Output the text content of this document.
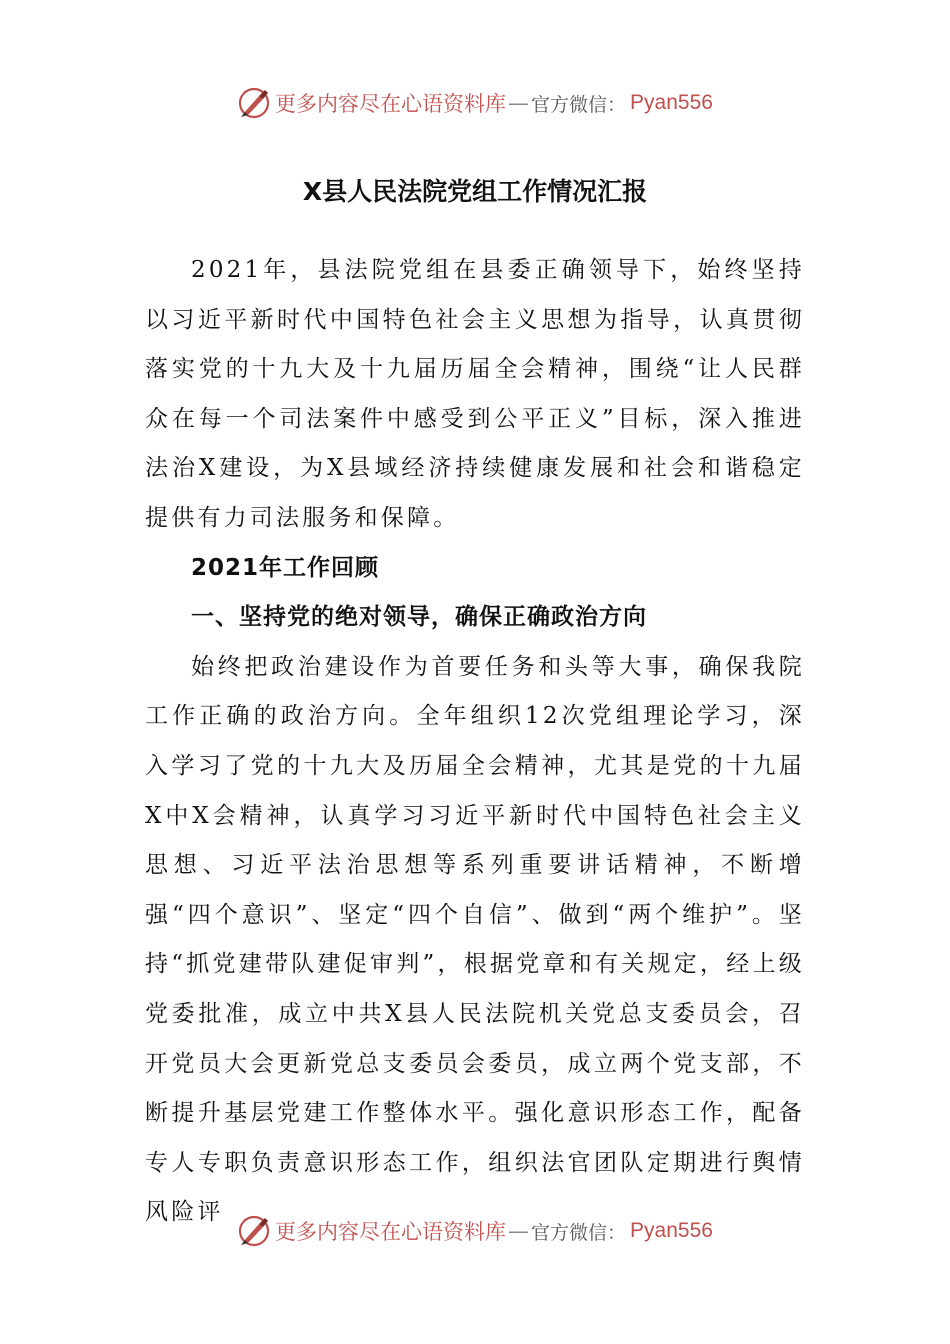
更多内容尽在心语资料库 — 官方微信： Pyan556
X县人民法院党组工作情况汇报

2021年，县法院党组在县委正确领导下，始终坚持以习近平新时代中国特色社会主义思想为指导，认真贯彻落实党的十九大及十九届历届全会精神，围绕“让人民群众在每一个司法案件中感受到公平正义”目标，深入推进法治X建设，为X县域经济持续健康发展和社会和谐稳定提供有力司法服务和保障。

2021年工作回顾

一、坚持党的绝对领导，确保正确政治方向

始终把政治建设作为首要任务和头等大事，确保我院工作正确的政治方向。全年组织12次党组理论学习，深入学习了党的十九大及历届全会精神，尤其是党的十九届X中X会精神，认真学习习近平新时代中国特色社会主义思想、习近平法治思想等系列重要讲话精神，不断增强“四个意识”、坚定“四个自信”、做到“两个维护”。坚持“抓党建带队建促审判”，根据党章和有关规定，经上级党委批准，成立中共X县人民法院机关党总支委员会，召开党员大会更新党总支委员会委员，成立两个党支部，不断提升基层党建工作整体水平。强化意识形态工作，配备专人专职负责意识形态工作，组织法官团队定期进行舆情风险评

更多内容尽在心语资料库 — 官方微信： Pyan556
